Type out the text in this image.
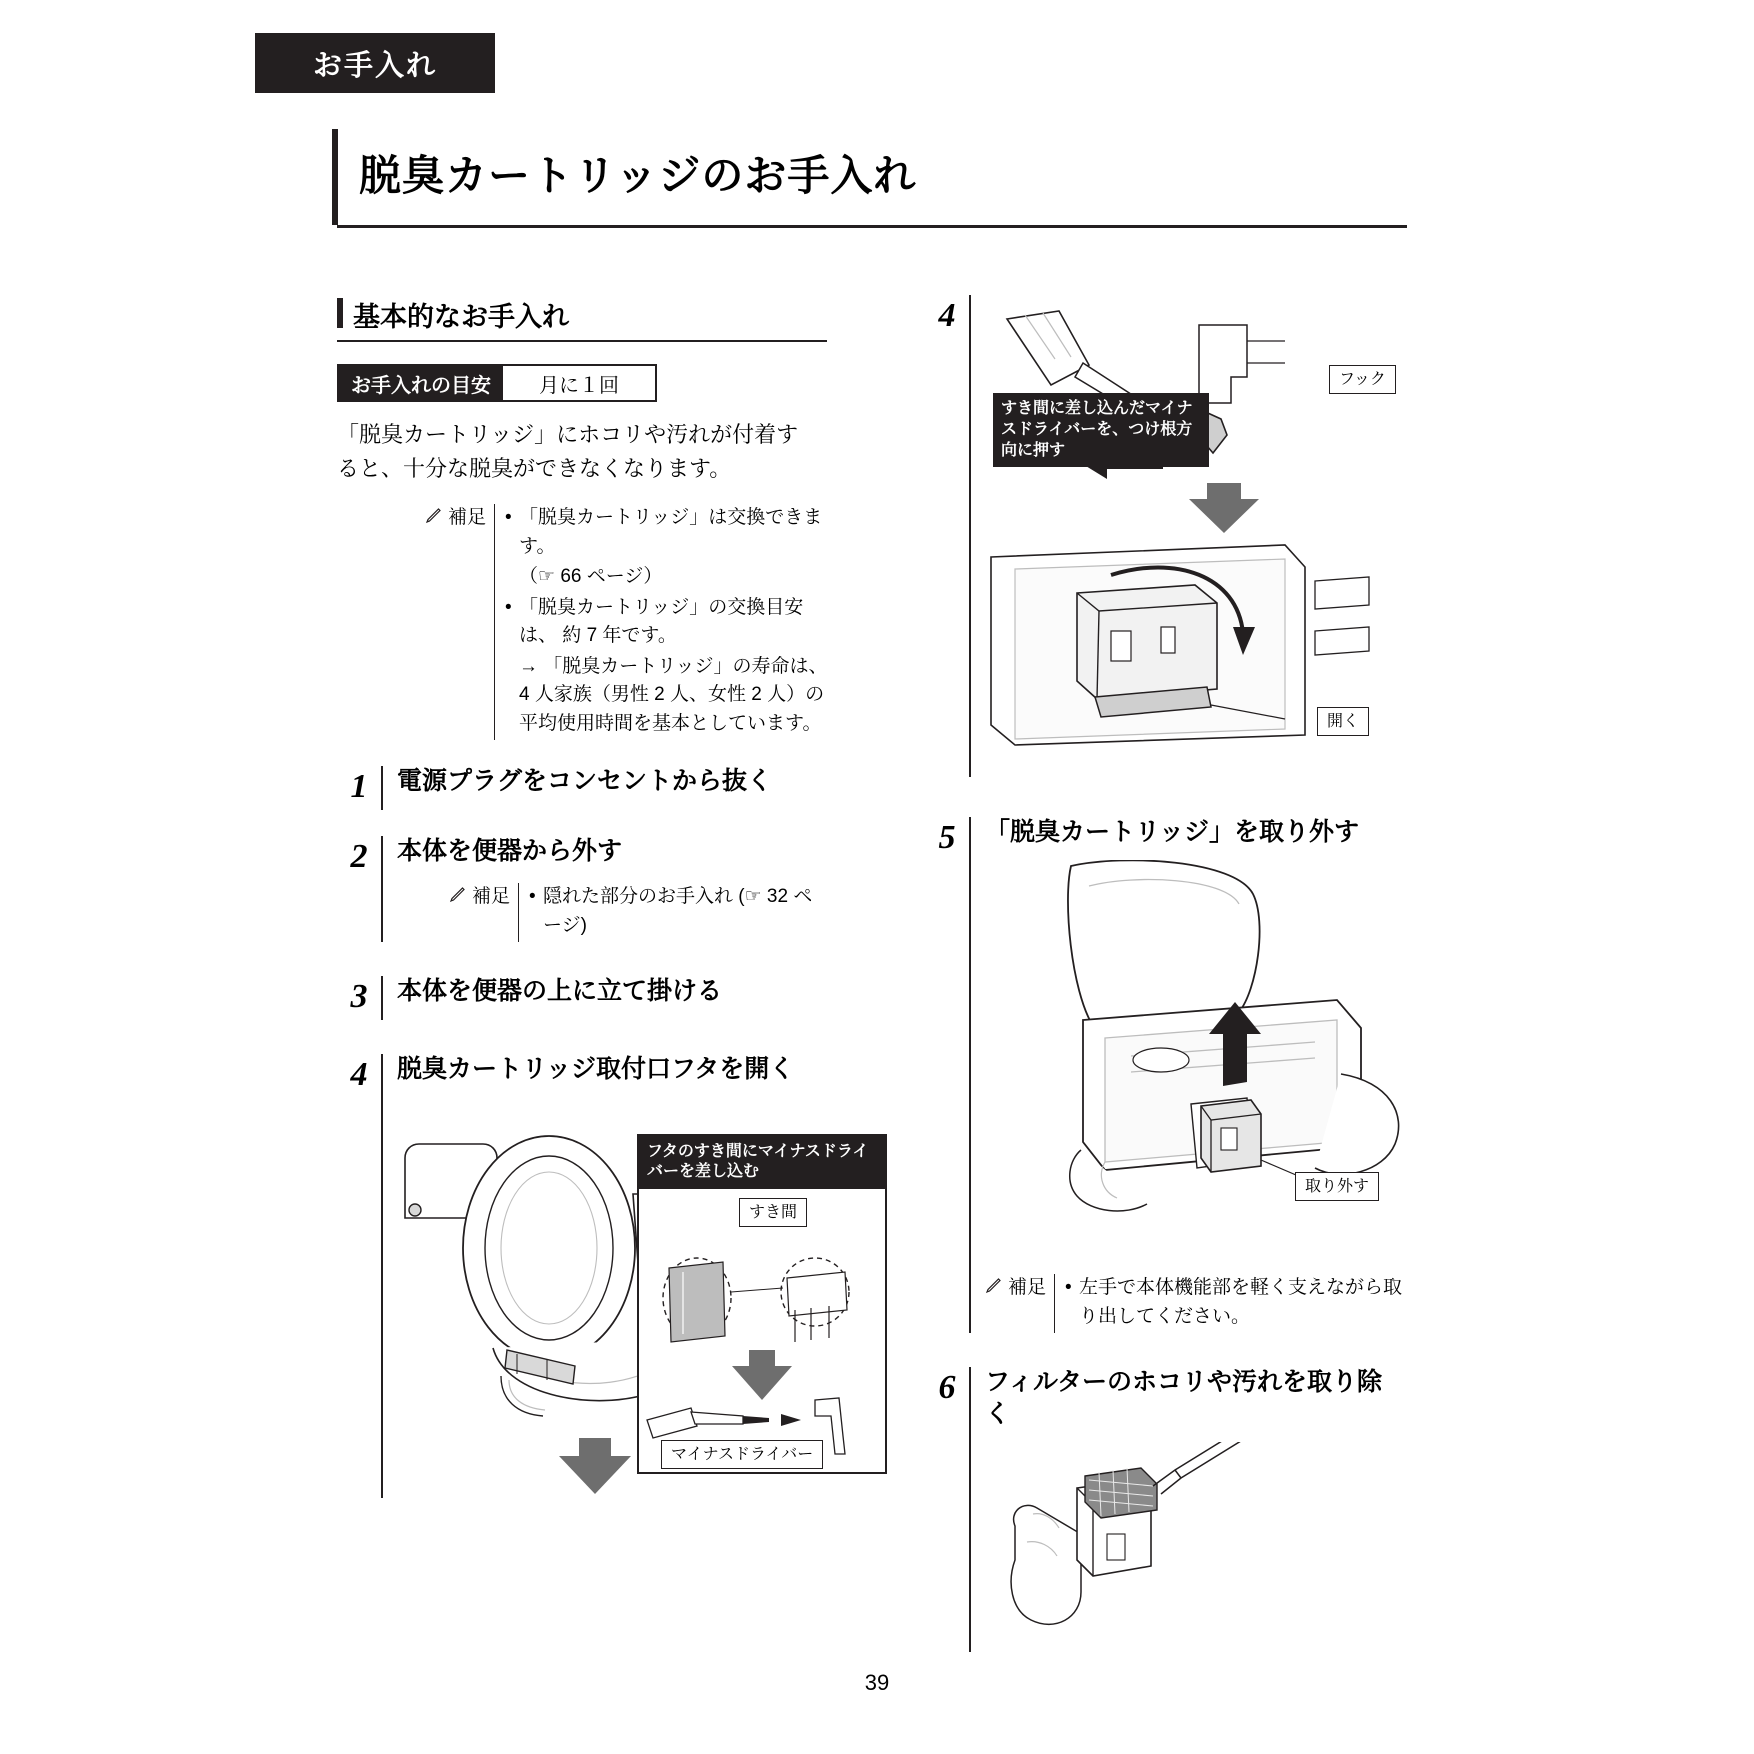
お手入れ
脱臭カートリッジのお手入れ
基本的なお手入れ
お手入れの目安	月に１回
「脱臭カートリッジ」にホコリや汚れが付着すると、十分な脱臭ができなくなります。
補足	• 「脱臭カートリッジ」は交換できます。
（☞ 66 ページ）
• 「脱臭カートリッジ」の交換目安は、 約 7 年です。
→ 「脱臭カートリッジ」の寿命は、4 人家族（男性 2 人、女性 2 人）の平均使用時間を基本としています。
1	電源プラグをコンセントから抜く
2	本体を便器から外す
補足	• 隠れた部分のお手入れ (☞ 32 ページ)
3	本体を便器の上に立て掛ける
4	脱臭カートリッジ取付口フタを開く
フタのすき間にマイナスドライバーを差し込む
すき間
マイナスドライバー
4
すき間に差し込んだマイナスドライバーを、つけ根方向に押す
フック
開く
5	「脱臭カートリッジ」を取り外す
取り外す
補足	• 左手で本体機能部を軽く支えながら取り出してください。
6	フィルターのホコリや汚れを取り除く
39
